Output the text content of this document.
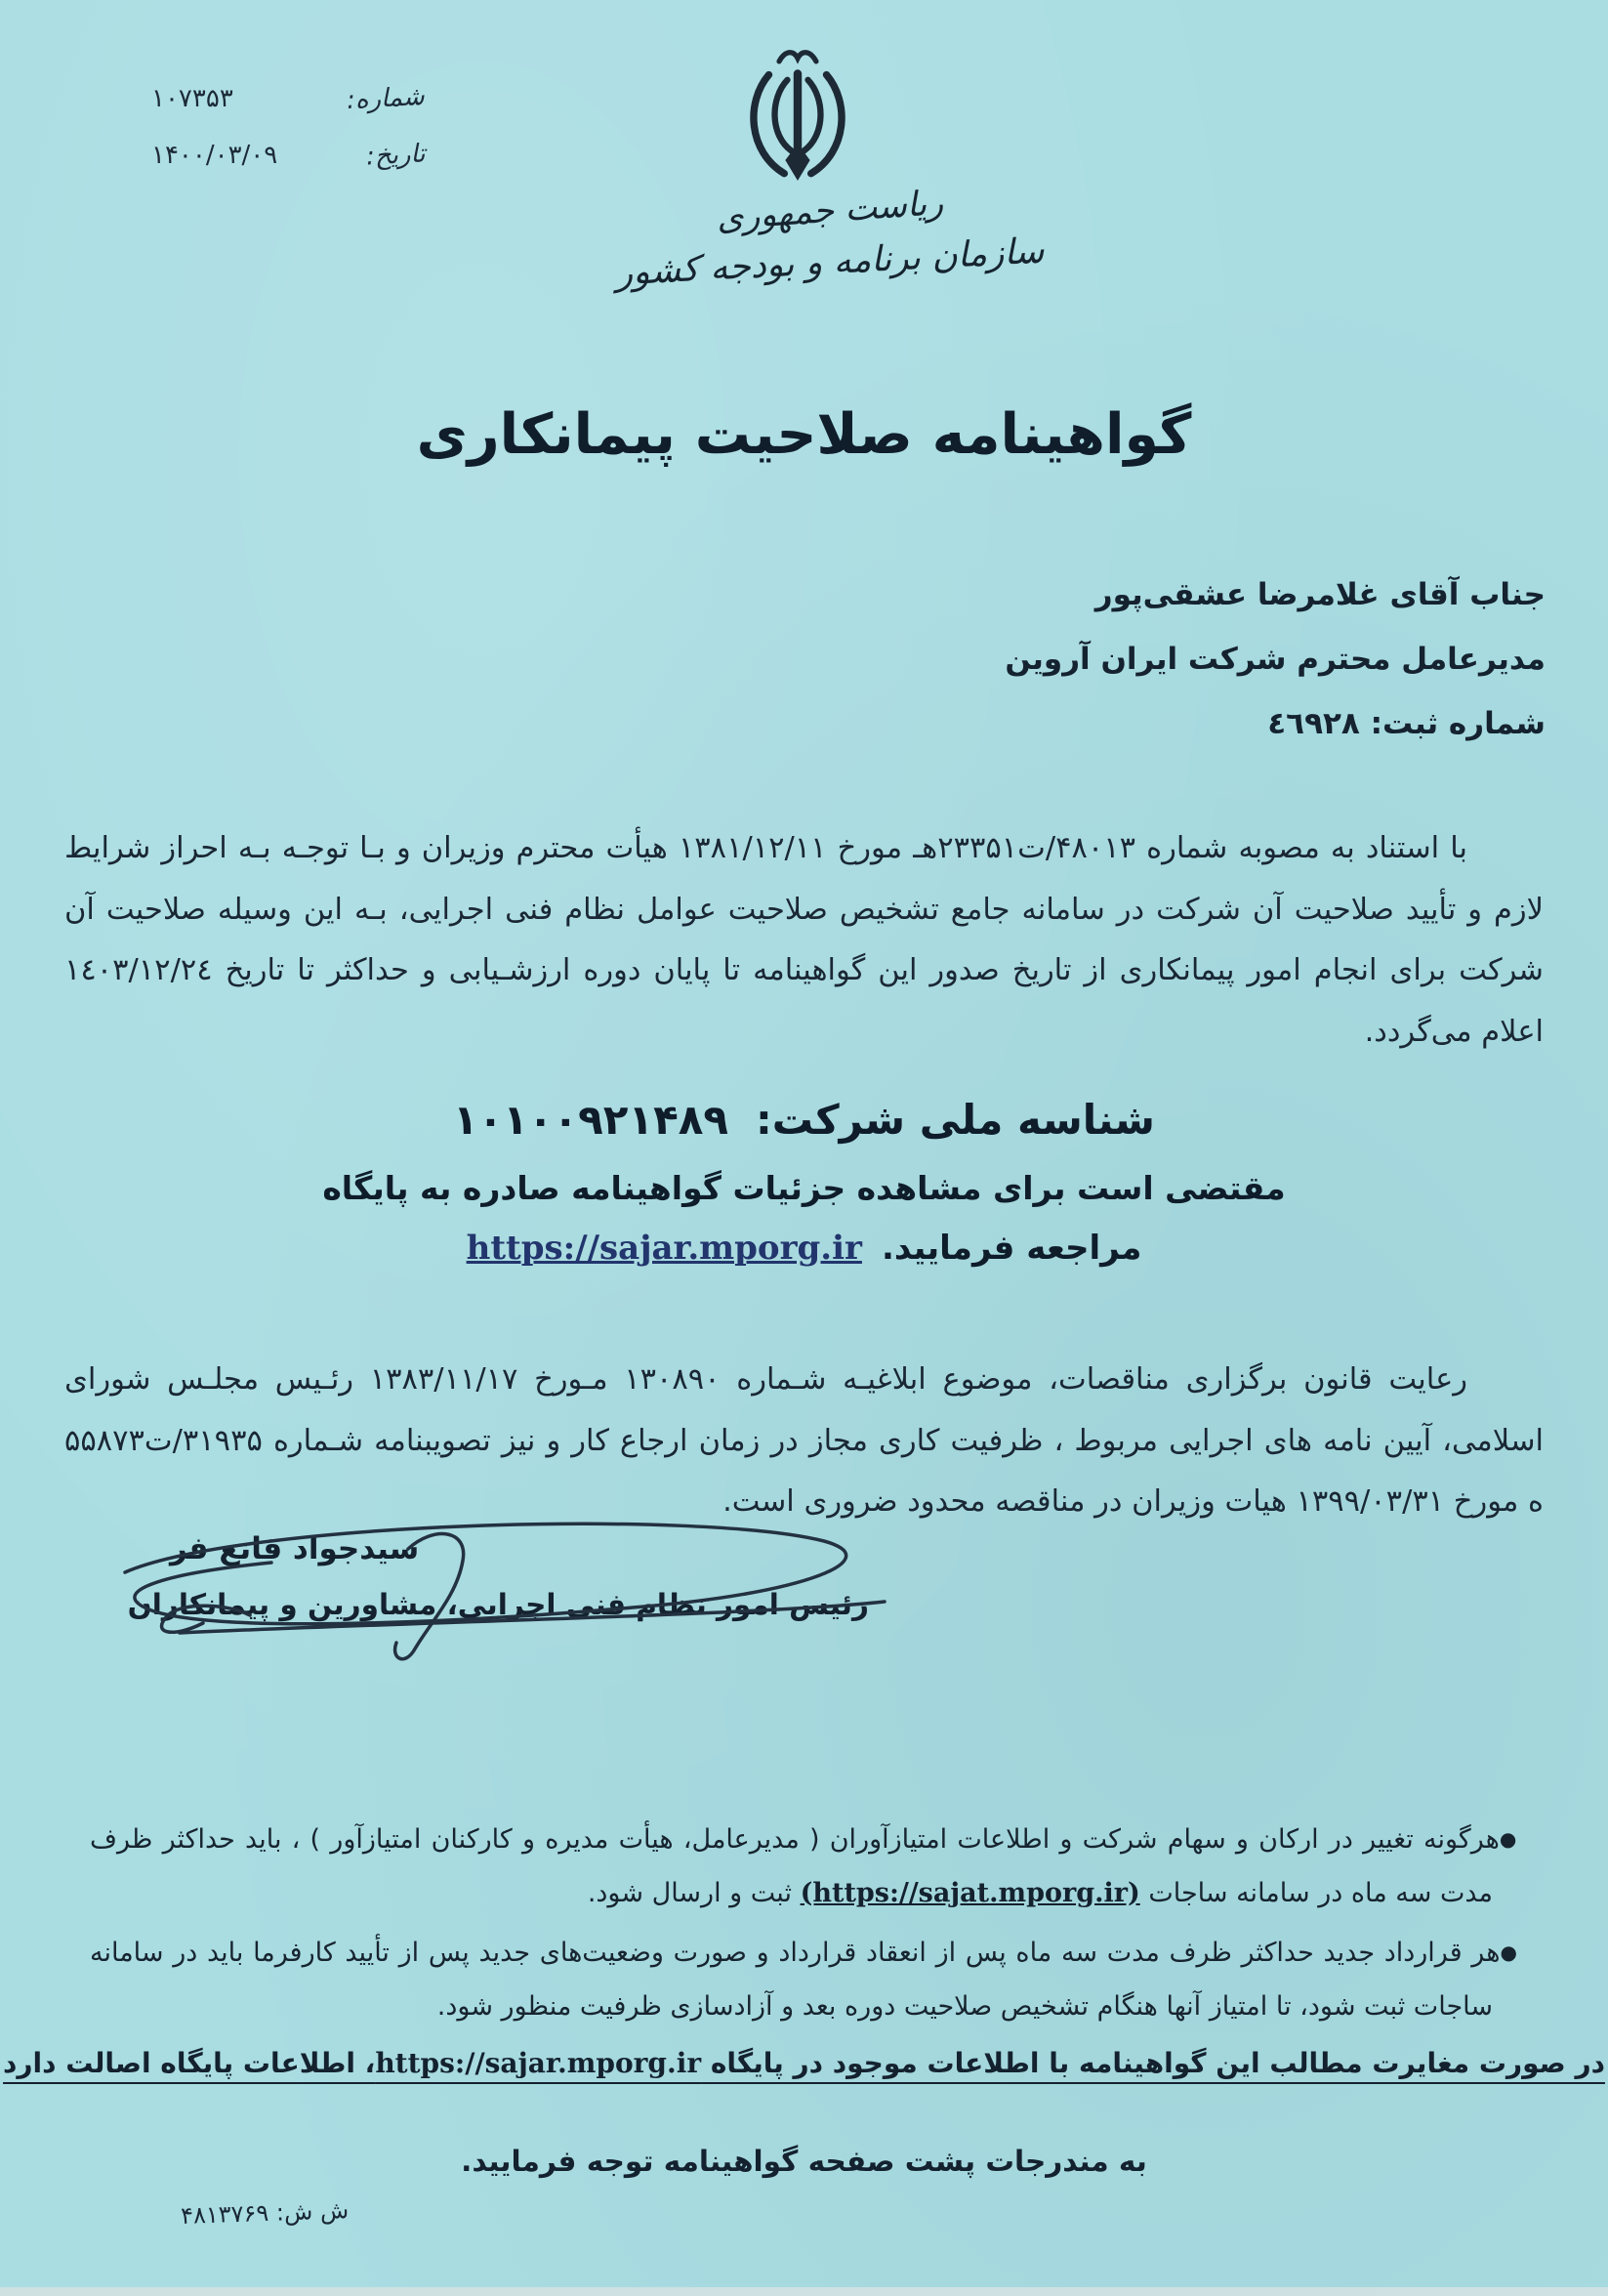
شماره:
۱۰۷۳۵۳
تاریخ:
۱۴۰۰/۰۳/۰۹
ریاست جمهوری
سازمان برنامه و بودجه کشور
گواهینامه صلاحیت پیمانکاری
جناب آقای غلامرضا عشقی‌پور
مدیرعامل محترم شرکت ایران آروین
شماره ثبت: ٤٦٩٢٨
با استناد به مصوبه شماره ۴۸۰۱۳/ت۲۳۳۵۱هـ مورخ ۱۳۸۱/۱۲/۱۱ هیأت محترم وزیران و بـا توجـه بـه احراز شرایط لازم و تأیید صلاحیت آن شرکت در سامانه جامع تشخیص صلاحیت عوامل نظام فنی اجرایی، بـه این وسیله صلاحیت آن شرکت برای انجام امور پیمانکاری از تاریخ صدور این گواهینامه تا پایان دوره ارزشـیابی و حداکثر تا تاریخ ١٤٠٣/١٢/٢٤ اعلام می‌گردد.
شناسه ملی شرکت:۱۰۱۰۰۹۲۱۴۸۹
مقتضی است برای مشاهده جزئیات گواهینامه صادره به پایگاه
https://sajar.mporg.ir مراجعه فرمایید.
رعایت قانون برگزاری مناقصات، موضوع ابلاغیـه شـماره ۱۳۰۸۹۰ مـورخ ۱۳۸۳/۱۱/۱۷ رئـیس مجلـس شورای اسلامی، آیین نامه های اجرایی مربوط ، ظرفیت کاری مجاز در زمان ارجاع کار و نیز تصویبنامه شـماره ۳۱۹۳۵/ت۵۵۸۷۳ ه مورخ ۱۳۹۹/۰۳/۳۱ هیات وزیران در مناقصه محدود ضروری است.
سیدجواد قانع فر
رئیس امور نظام فنی اجرایی، مشاورین و پیمانکاران
●هرگونه تغییر در ارکان و سهام شرکت و اطلاعات امتیازآوران ( مدیرعامل، هیأت مدیره و کارکنان امتیازآور ) ، باید حداکثر ظرف مدت سه ماه در سامانه ساجات (https://sajat.mporg.ir) ثبت و ارسال شود.
●هر قرارداد جدید حداکثر ظرف مدت سه ماه پس از انعقاد قرارداد و صورت وضعیت‌های جدید پس از تأیید کارفرما باید در سامانه ساجات ثبت شود، تا امتیاز آنها هنگام تشخیص صلاحیت دوره بعد و آزادسازی ظرفیت منظور شود.
در صورت مغایرت مطالب این گواهینامه با اطلاعات موجود در پایگاه https://sajar.mporg.ir، اطلاعات پایگاه اصالت دارد
به مندرجات پشت صفحه گواهینامه توجه فرمایید.
ش ش: ۴۸۱۳۷۶۹
